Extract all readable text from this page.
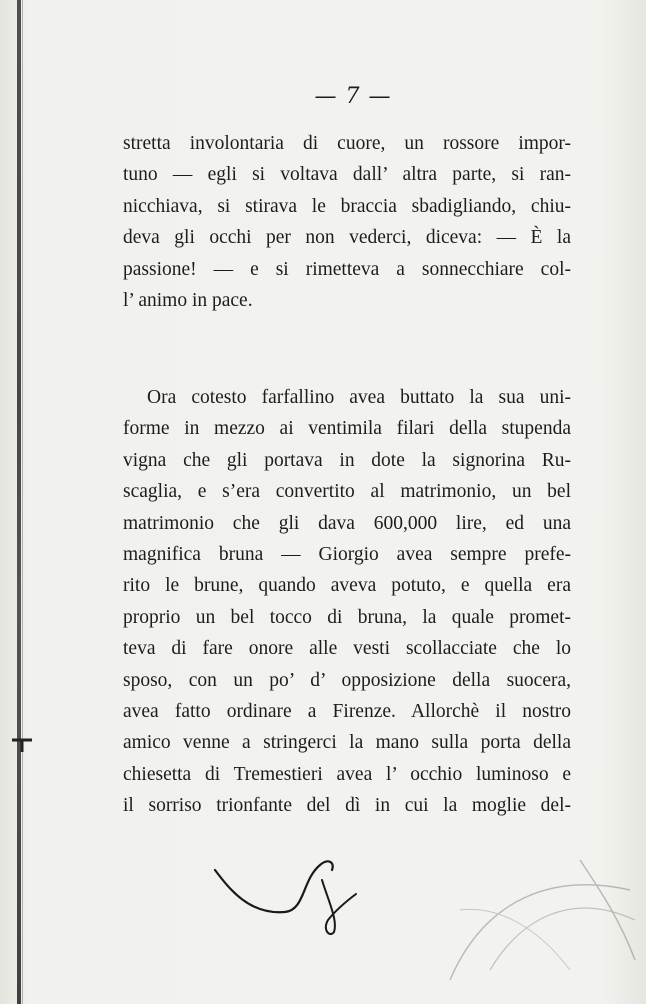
— 7 —

stretta involontaria di cuore, un rossore impor-
tuno — egli si voltava dall’ altra parte, si ran-
nicchiava, si stirava le braccia sbadigliando, chiu-
deva gli occhi per non vederci, diceva: — È la
passione! — e si rimetteva a sonnecchiare col-
l’ animo in pace.

Ora cotesto farfallino avea buttato la sua uni-
forme in mezzo ai ventimila filari della stupenda
vigna che gli portava in dote la signorina Ru-
scaglia, e s’era convertito al matrimonio, un bel
matrimonio che gli dava 600,000 lire, ed una
magnifica bruna — Giorgio avea sempre prefe-
rito le brune, quando aveva potuto, e quella era
proprio un bel tocco di bruna, la quale promet-
teva di fare onore alle vesti scollacciate che lo
sposo, con un po’ d’ opposizione della suocera,
avea fatto ordinare a Firenze. Allorchè il nostro
amico venne a stringerci la mano sulla porta della
chiesetta di Tremestieri avea l’ occhio luminoso e
il sorriso trionfante del dì in cui la moglie del-
